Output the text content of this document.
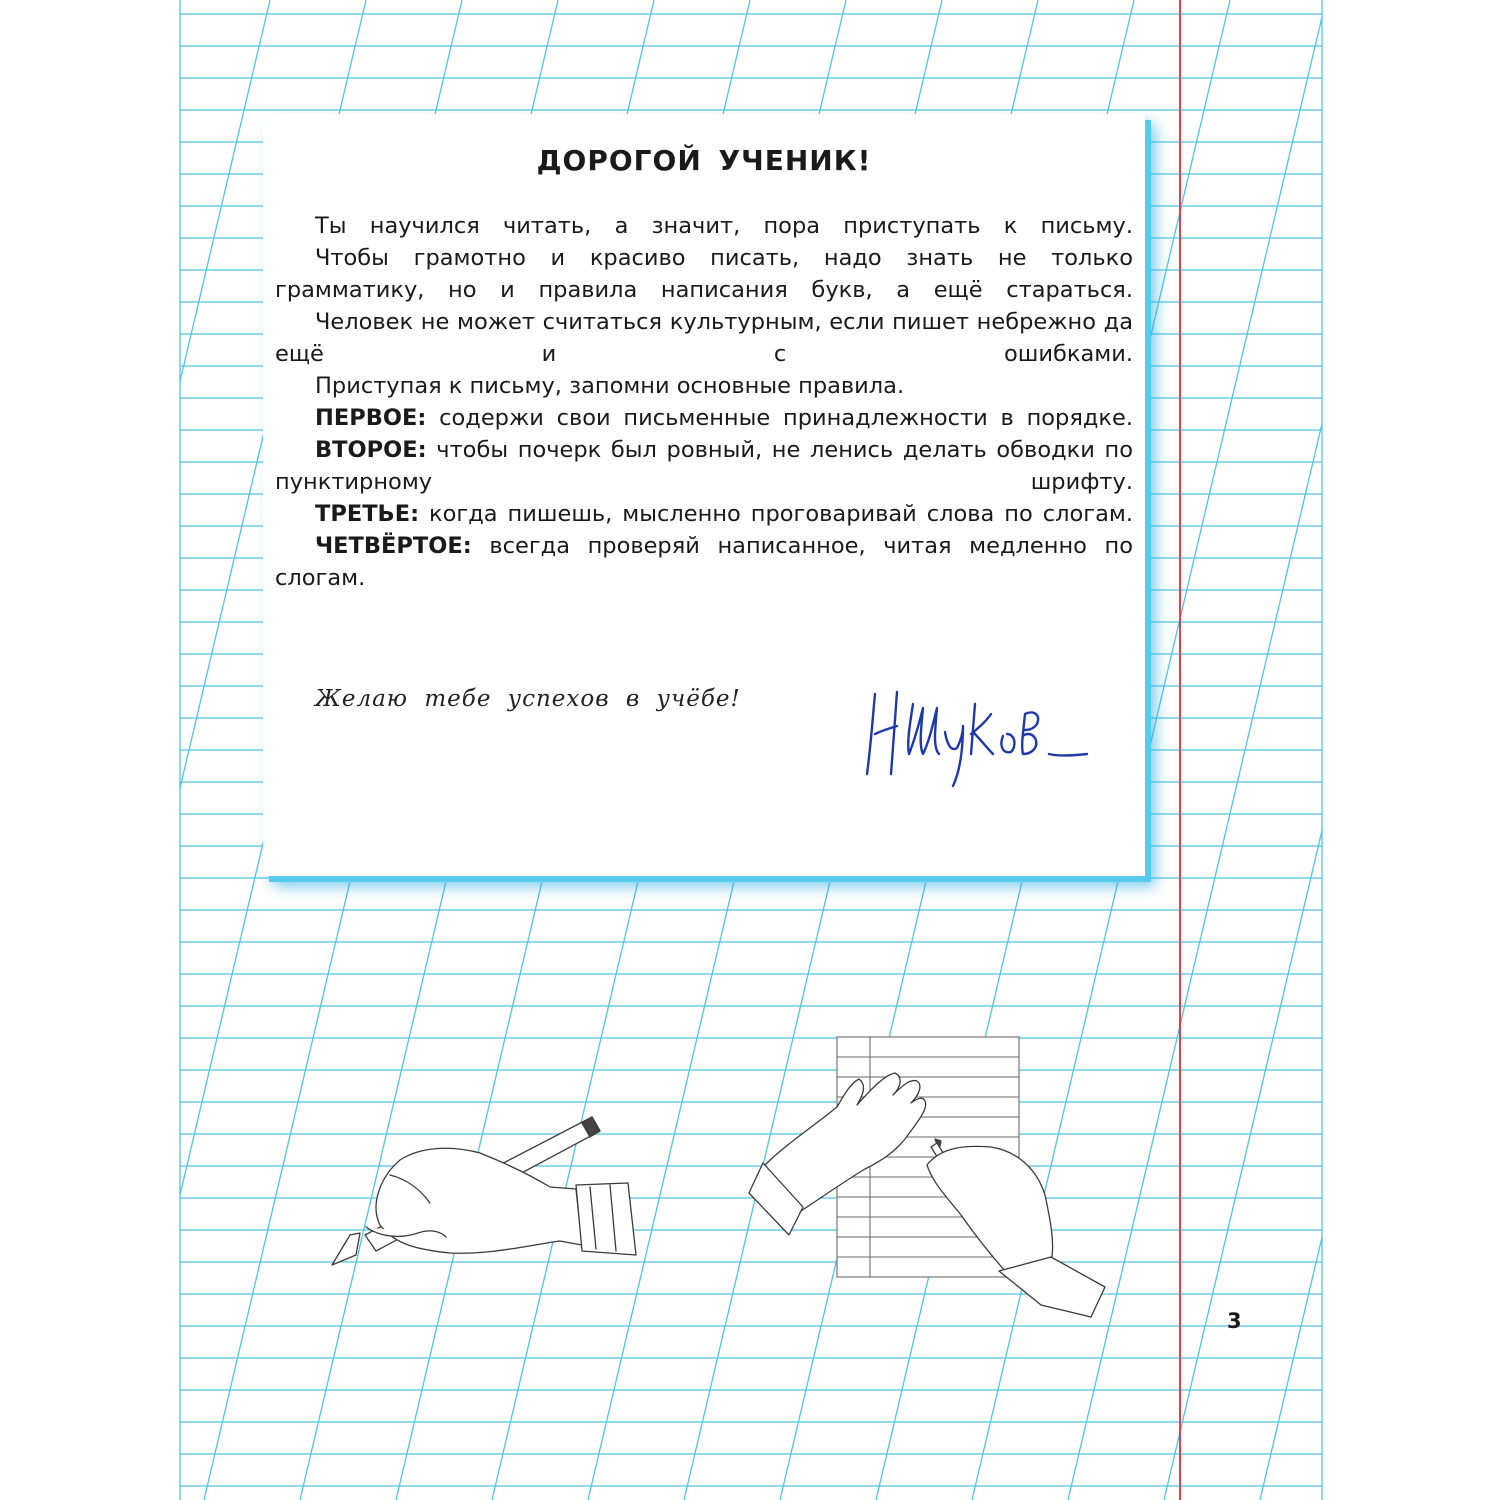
ДОРОГОЙ УЧЕНИК!

Ты научился читать, а значит, пора приступать к письму.

Чтобы грамотно и красиво писать, надо знать не только грамматику, но и правила написания букв, а ещё стараться.

Человек не может считаться культурным, если пишет небрежно да ещё и с ошибками.

Приступая к письму, запомни основные правила.

ПЕРВОЕ: содержи свои письменные принадлежности в порядке.

ВТОРОЕ: чтобы почерк был ровный, не ленись делать обводки по пунктирному шрифту.

ТРЕТЬЕ: когда пишешь, мысленно проговаривай слова по слогам.

ЧЕТВЁРТОЕ: всегда проверяй написанное, читая медленно по слогам.

Желаю тебе успехов в учёбе!
3
